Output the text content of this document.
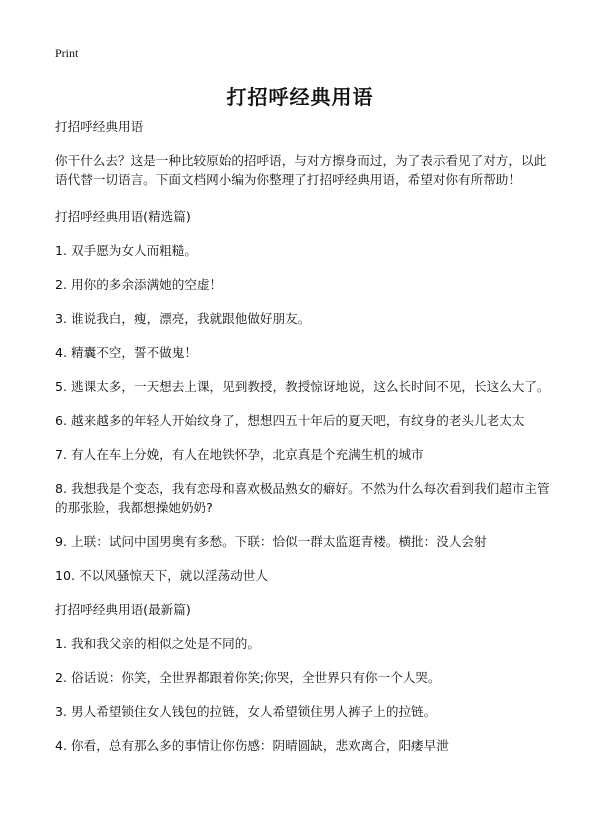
Print
打招呼经典用语

打招呼经典用语

你干什么去？这是一种比较原始的招呼语，与对方擦身而过，为了表示看见了对方，以此语代替一切语言。下面文档网小编为你整理了打招呼经典用语，希望对你有所帮助！

打招呼经典用语(精选篇)

1. 双手愿为女人而粗糙。

2. 用你的多余添满她的空虚！

3. 谁说我白，瘦，漂亮，我就跟他做好朋友。

4. 精囊不空，誓不做鬼！

5. 逃课太多，一天想去上课，见到教授，教授惊讶地说，这么长时间不见，长这么大了。

6. 越来越多的年轻人开始纹身了，想想四五十年后的夏天吧，有纹身的老头儿老太太

7. 有人在车上分娩，有人在地铁怀孕，北京真是个充满生机的城市

8. 我想我是个变态，我有恋母和喜欢极品熟女的癖好。不然为什么每次看到我们超市主管的那张脸，我都想操她奶奶?

9. 上联：试问中国男奥有多愁。下联：恰似一群太监逛青楼。横批：没人会射

10. 不以风骚惊天下，就以淫荡动世人

打招呼经典用语(最新篇)

1. 我和我父亲的相似之处是不同的。

2. 俗话说：你笑，全世界都跟着你笑;你哭，全世界只有你一个人哭。

3. 男人希望锁住女人钱包的拉链，女人希望锁住男人裤子上的拉链。

4. 你看，总有那么多的事情让你伤感：阴晴圆缺，悲欢离合，阳痿早泄
